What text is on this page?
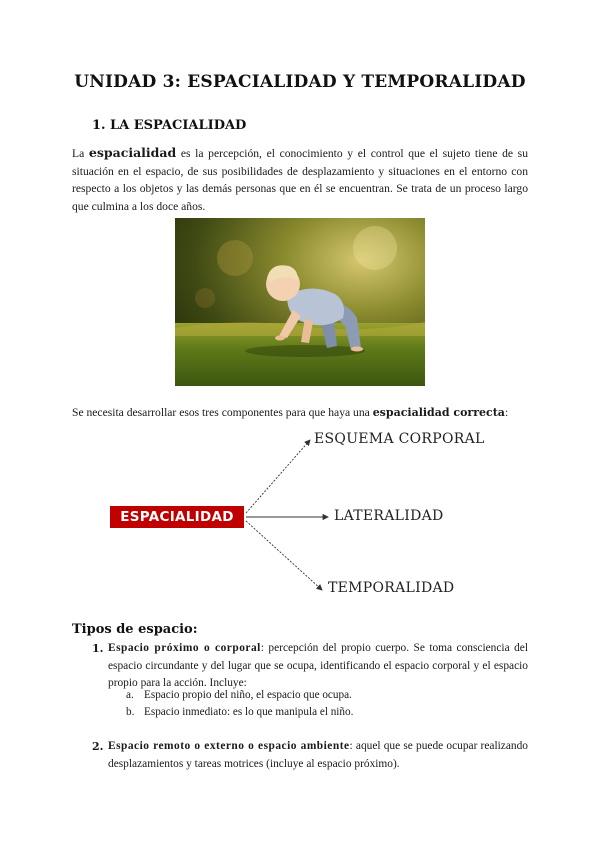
UNIDAD 3: ESPACIALIDAD Y TEMPORALIDAD
1. LA ESPACIALIDAD
La espacialidad es la percepción, el conocimiento y el control que el sujeto tiene de su situación en el espacio, de sus posibilidades de desplazamiento y situaciones en el entorno con respecto a los objetos y las demás personas que en él se encuentran. Se trata de un proceso largo que culmina a los doce años.
Se necesita desarrollar esos tres componentes para que haya una espacialidad correcta:
ESPACIALIDAD
ESQUEMA CORPORAL
LATERALIDAD
TEMPORALIDAD
Tipos de espacio:
1. Espacio próximo o corporal: percepción del propio cuerpo. Se toma consciencia del espacio circundante y del lugar que se ocupa, identificando el espacio corporal y el espacio propio para la acción. Incluye:
a. Espacio propio del niño, el espacio que ocupa.
b. Espacio inmediato: es lo que manipula el niño.
2. Espacio remoto o externo o espacio ambiente: aquel que se puede ocupar realizando desplazamientos y tareas motrices (incluye al espacio próximo).
